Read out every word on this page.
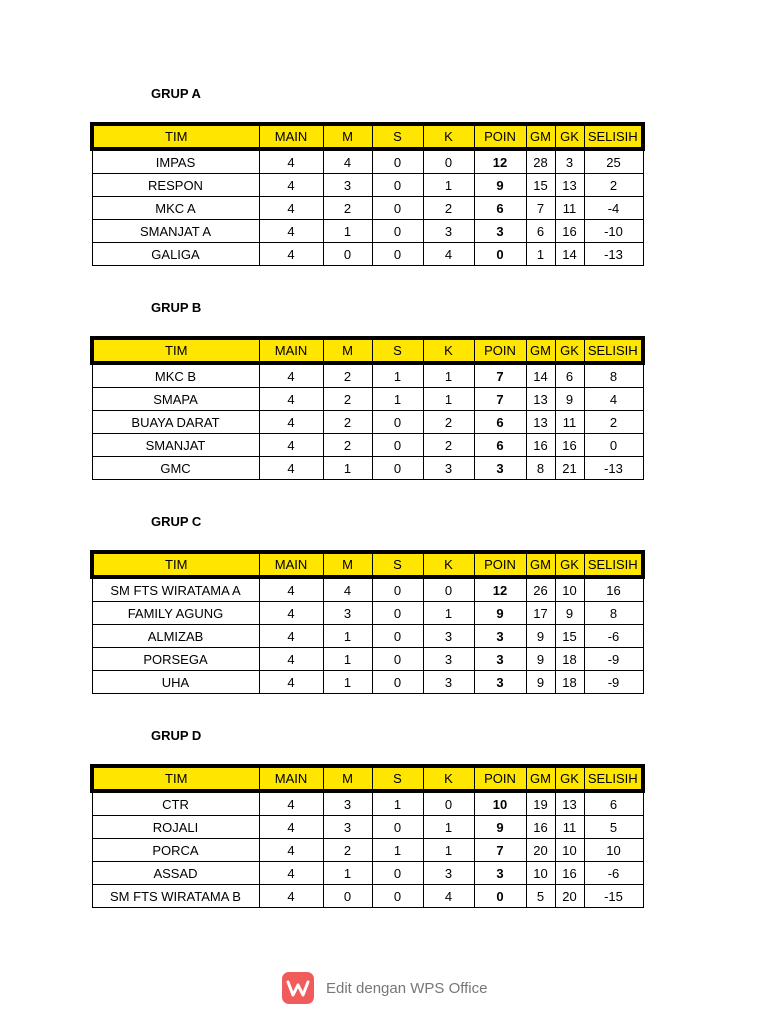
GRUP A
TIM	MAIN	M	S	K	POIN	GM	GK	SELISIH
IMPAS	4	4	0	0	12	28	3	25
RESPON	4	3	0	1	9	15	13	2
MKC A	4	2	0	2	6	7	11	-4
SMANJAT A	4	1	0	3	3	6	16	-10
GALIGA	4	0	0	4	0	1	14	-13
GRUP B
TIM	MAIN	M	S	K	POIN	GM	GK	SELISIH
MKC B	4	2	1	1	7	14	6	8
SMAPA	4	2	1	1	7	13	9	4
BUAYA DARAT	4	2	0	2	6	13	11	2
SMANJAT	4	2	0	2	6	16	16	0
GMC	4	1	0	3	3	8	21	-13
GRUP C
TIM	MAIN	M	S	K	POIN	GM	GK	SELISIH
SM FTS WIRATAMA A	4	4	0	0	12	26	10	16
FAMILY AGUNG	4	3	0	1	9	17	9	8
ALMIZAB	4	1	0	3	3	9	15	-6
PORSEGA	4	1	0	3	3	9	18	-9
UHA	4	1	0	3	3	9	18	-9
GRUP D
TIM	MAIN	M	S	K	POIN	GM	GK	SELISIH
CTR	4	3	1	0	10	19	13	6
ROJALI	4	3	0	1	9	16	11	5
PORCA	4	2	1	1	7	20	10	10
ASSAD	4	1	0	3	3	10	16	-6
SM FTS WIRATAMA B	4	0	0	4	0	5	20	-15
Edit dengan WPS Office
